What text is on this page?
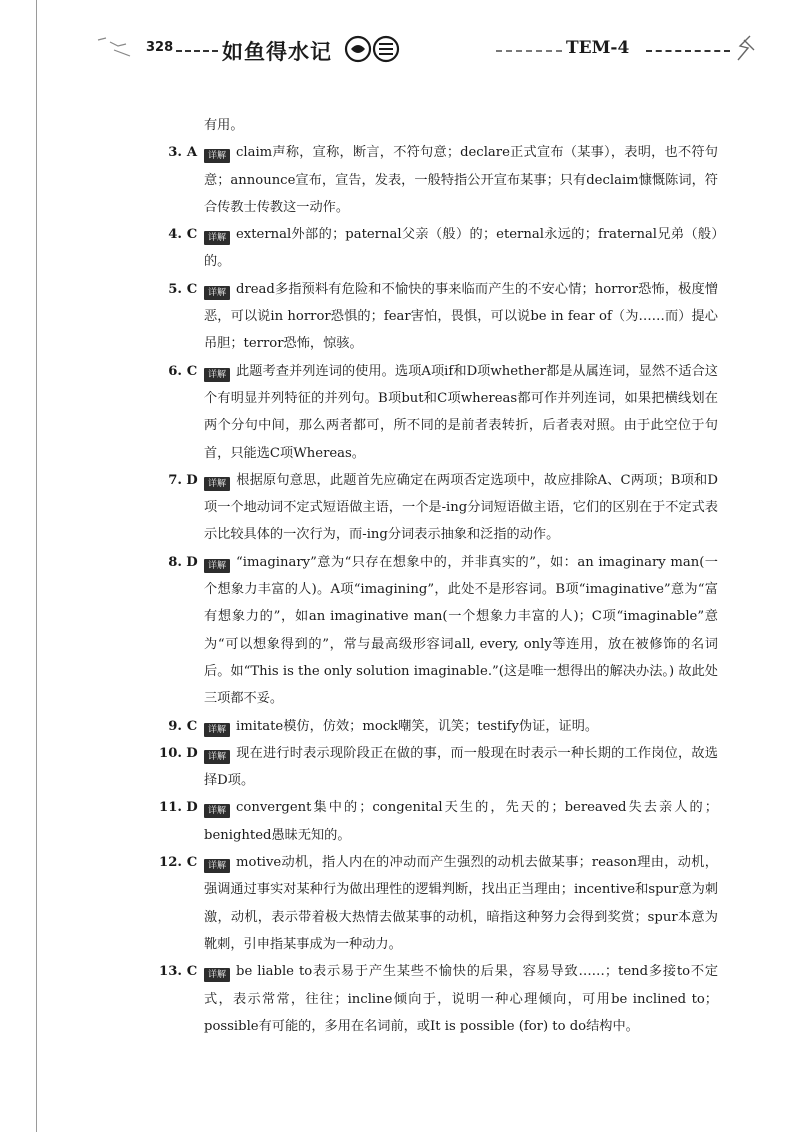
328 如鱼得水记	TEM-4
有用。
3. A	详解 claim声称，宣称，断言，不符句意；declare正式宣布（某事），表明，也不符句意；announce宣布，宣告，发表，一般特指公开宣布某事；只有declaim慷慨陈词，符合传教士传教这一动作。
4. C	详解 external外部的；paternal父亲（般）的；eternal永远的；fraternal兄弟（般）的。
5. C	详解 dread多指预料有危险和不愉快的事来临而产生的不安心情；horror恐怖，极度憎恶，可以说in horror恐惧的；fear害怕，畏惧，可以说be in fear of（为……而）提心吊胆；terror恐怖，惊骇。
6. C	详解 此题考查并列连词的使用。选项A项if和D项whether都是从属连词，显然不适合这个有明显并列特征的并列句。B项but和C项whereas都可作并列连词，如果把横线划在两个分句中间，那么两者都可，所不同的是前者表转折，后者表对照。由于此空位于句首，只能选C项Whereas。
7. D	详解 根据原句意思，此题首先应确定在两项否定选项中，故应排除A、C两项；B项和D项一个地动词不定式短语做主语，一个是-ing分词短语做主语，它们的区别在于不定式表示比较具体的一次行为，而-ing分词表示抽象和泛指的动作。
8. D	详解 “imaginary”意为“只存在想象中的，并非真实的”，如：an imaginary man(一个想象力丰富的人)。A项“imagining”，此处不是形容词。B项“imaginative”意为“富有想象力的”，如an imaginative man(一个想象力丰富的人)；C项“imaginable”意为“可以想象得到的”，常与最高级形容词all, every, only等连用，放在被修饰的名词后。如“This is the only solution imaginable.”(这是唯一想得出的解决办法。) 故此处三项都不妥。
9. C	详解 imitate模仿，仿效；mock嘲笑，讥笑；testify伪证，证明。
10. D	详解 现在进行时表示现阶段正在做的事，而一般现在时表示一种长期的工作岗位，故选择D项。
11. D	详解 convergent集中的；congenital天生的，先天的；bereaved失去亲人的；benighted愚昧无知的。
12. C	详解 motive动机，指人内在的冲动而产生强烈的动机去做某事；reason理由，动机，强调通过事实对某种行为做出理性的逻辑判断，找出正当理由；incentive和spur意为刺激，动机，表示带着极大热情去做某事的动机，暗指这种努力会得到奖赏；spur本意为靴刺，引申指某事成为一种动力。
13. C	详解 be liable to表示易于产生某些不愉快的后果，容易导致……；tend多接to不定式，表示常常，往往；incline倾向于，说明一种心理倾向，可用be inclined to；possible有可能的，多用在名词前，或It is possible (for) to do结构中。
